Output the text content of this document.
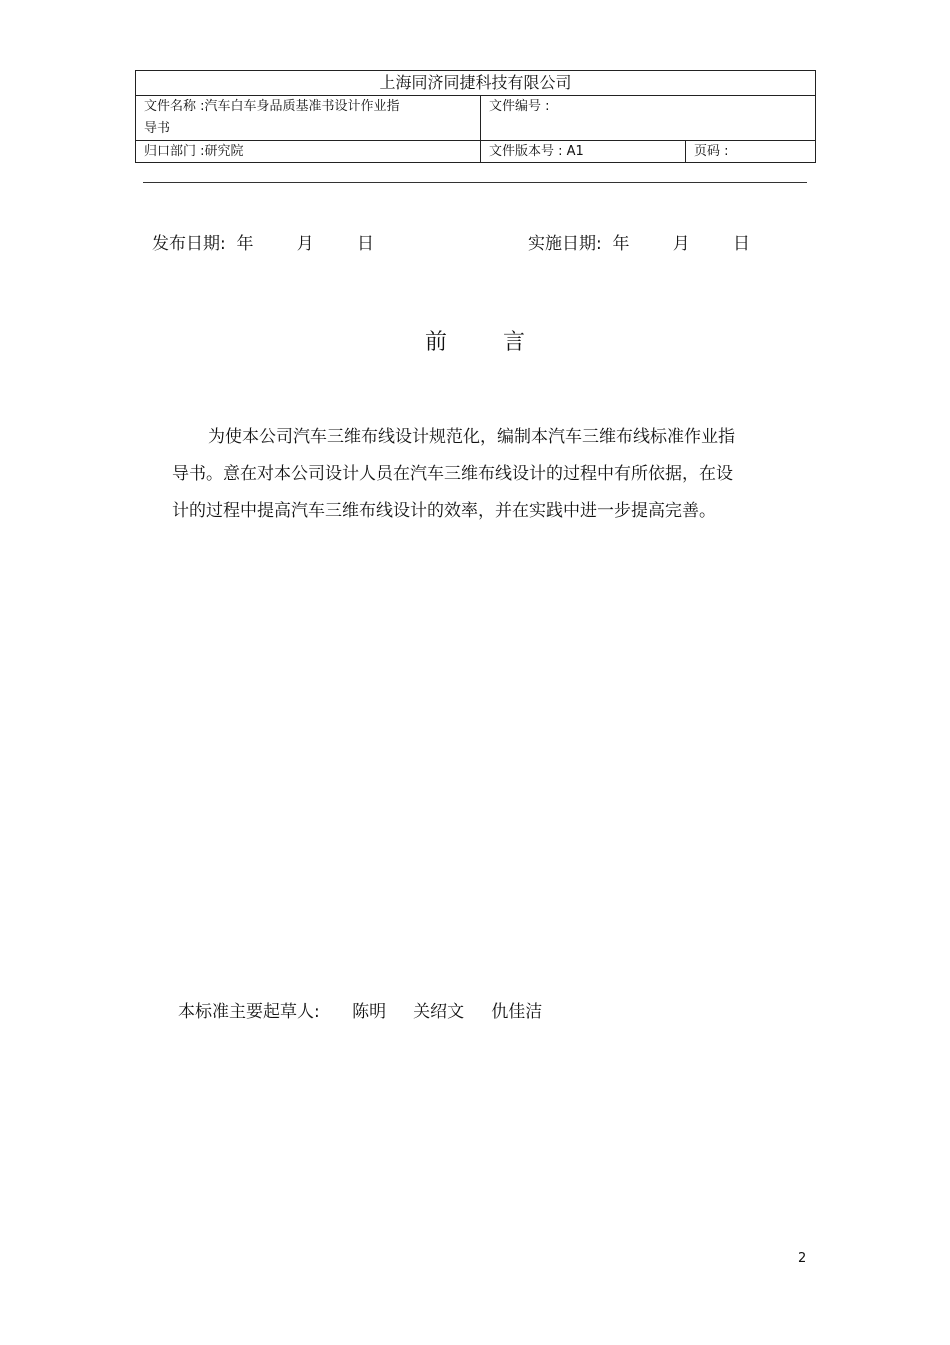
上海同济同捷科技有限公司		
文件名称 :汽车白车身品质基准书设计作业指
导书	文件编号 :	
归口部门 :研究院	文件版本号 : A1	页码 :
发布日期:  年        月        日	实施日期:  年        月        日
前        言
为使本公司汽车三维布线设计规范化，编制本汽车三维布线标准作业指
导书。意在对本公司设计人员在汽车三维布线设计的过程中有所依据，在设
计的过程中提高汽车三维布线设计的效率，并在实践中进一步提高完善。
本标准主要起草人:      陈明     关绍文     仇佳洁
2
